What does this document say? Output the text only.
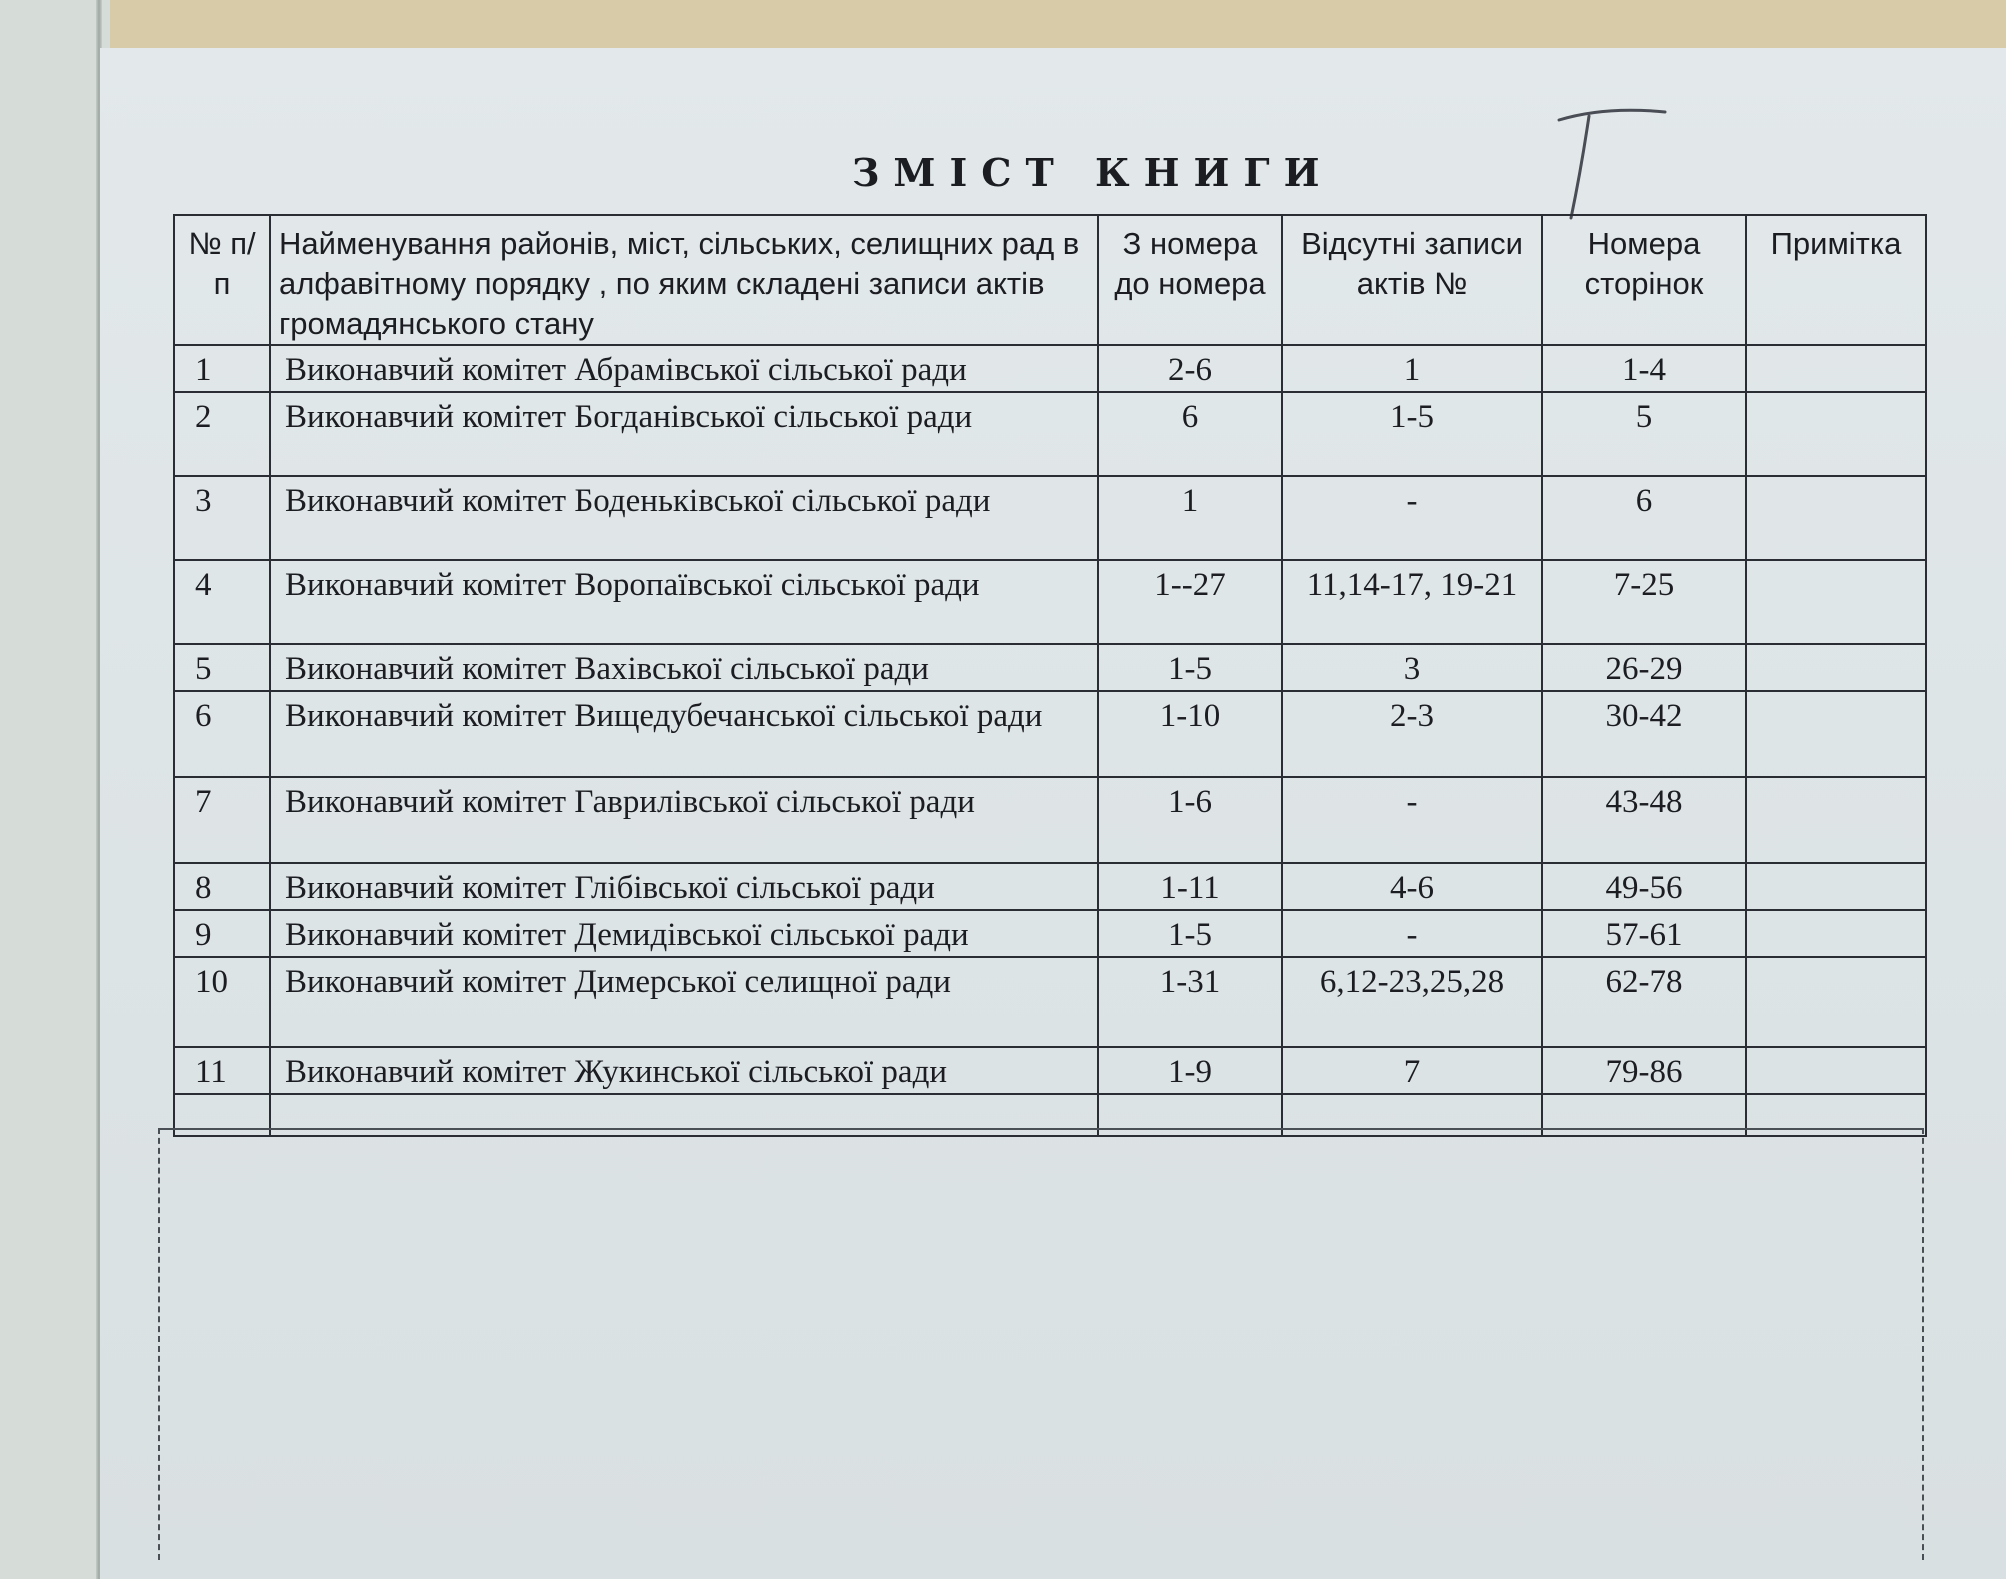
ЗМІСТ КНИГИ
№ п/п	Найменування районів, міст, сільських, селищних рад в алфавітному порядку , по яким складені записи актів громадянського стану	З номера до номера	Відсутні записи актів №	Номера сторінок	Примітка
1	Виконавчий комітет Абрамівської сільської ради	2-6	1	1-4	
2	Виконавчий комітет Богданівської сільської ради	6	1-5	5	
3	Виконавчий комітет Боденьківської сільської ради	1	-	6	
4	Виконавчий комітет Воропаївської сільської ради	1--27	11,14-17, 19-21	7-25	
5	Виконавчий комітет Вахівської сільської ради	1-5	3	26-29	
6	Виконавчий комітет Вищедубечанської сільської ради	1-10	2-3	30-42	
7	Виконавчий комітет Гаврилівської сільської ради	1-6	-	43-48	
8	Виконавчий комітет Глібівської сільської ради	1-11	4-6	49-56	
9	Виконавчий комітет Демидівської сільської ради	1-5	-	57-61	
10	Виконавчий комітет Димерської селищної ради	1-31	6,12-23,25,28	62-78	
11	Виконавчий комітет Жукинської сільської ради	1-9	7	79-86	
